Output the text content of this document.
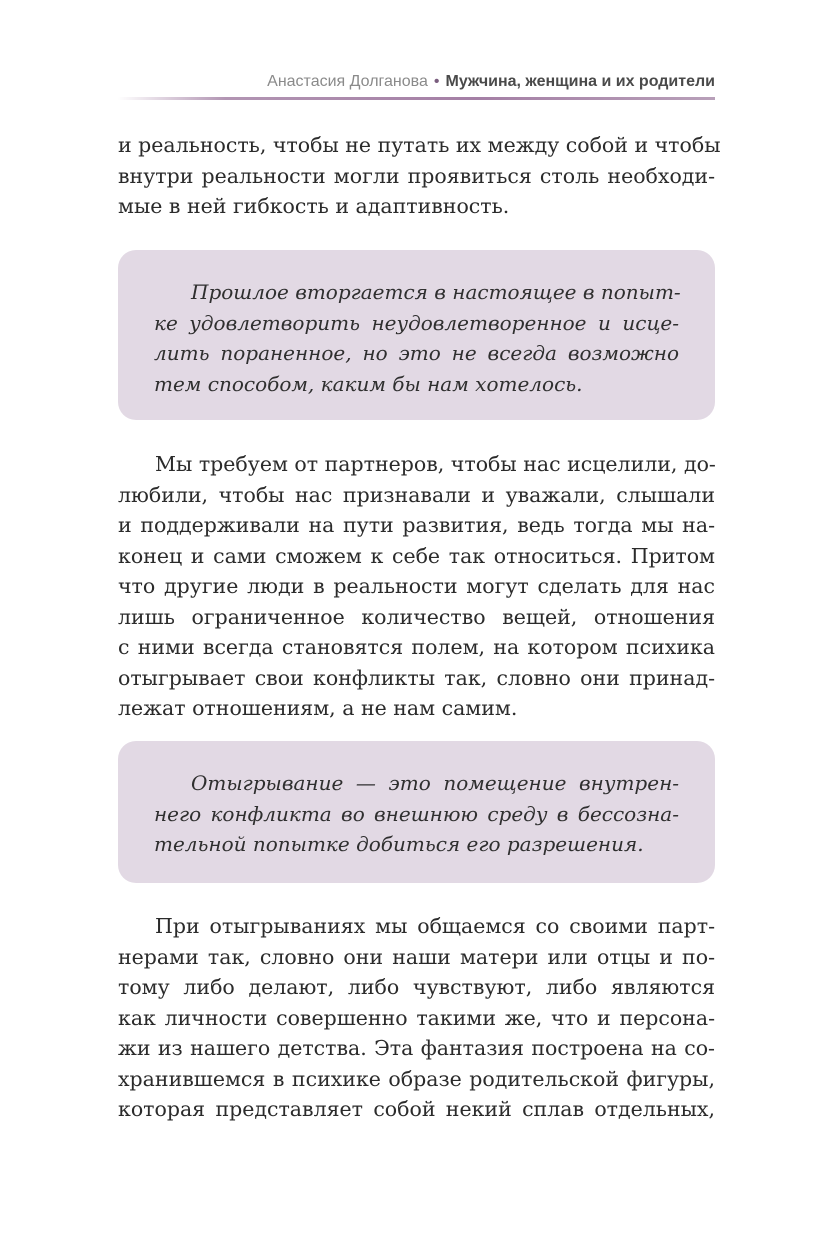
Анастасия Долганова • Мужчина, женщина и их родители
и реальность, чтобы не путать их между собой и чтобы
внутри реальности могли проявиться столь необходи-
мые в ней гибкость и адаптивность.
Прошлое вторгается в настоящее в попыт-
ке удовлетворить неудовлетворенное и исце-
лить пораненное, но это не всегда возможно
тем способом, каким бы нам хотелось.
Мы требуем от партнеров, чтобы нас исцелили, до-
любили, чтобы нас признавали и уважали, слышали
и поддерживали на пути развития, ведь тогда мы на-
конец и сами сможем к себе так относиться. Притом
что другие люди в реальности могут сделать для нас
лишь ограниченное количество вещей, отношения
с ними всегда становятся полем, на котором психика
отыгрывает свои конфликты так, словно они принад-
лежат отношениям, а не нам самим.
Отыгрывание — это помещение внутрен-
него конфликта во внешнюю среду в бессозна-
тельной попытке добиться его разрешения.
При отыгрываниях мы общаемся со своими парт-
нерами так, словно они наши матери или отцы и по-
тому либо делают, либо чувствуют, либо являются
как личности совершенно такими же, что и персона-
жи из нашего детства. Эта фантазия построена на со-
хранившемся в психике образе родительской фигуры,
которая представляет собой некий сплав отдельных,
